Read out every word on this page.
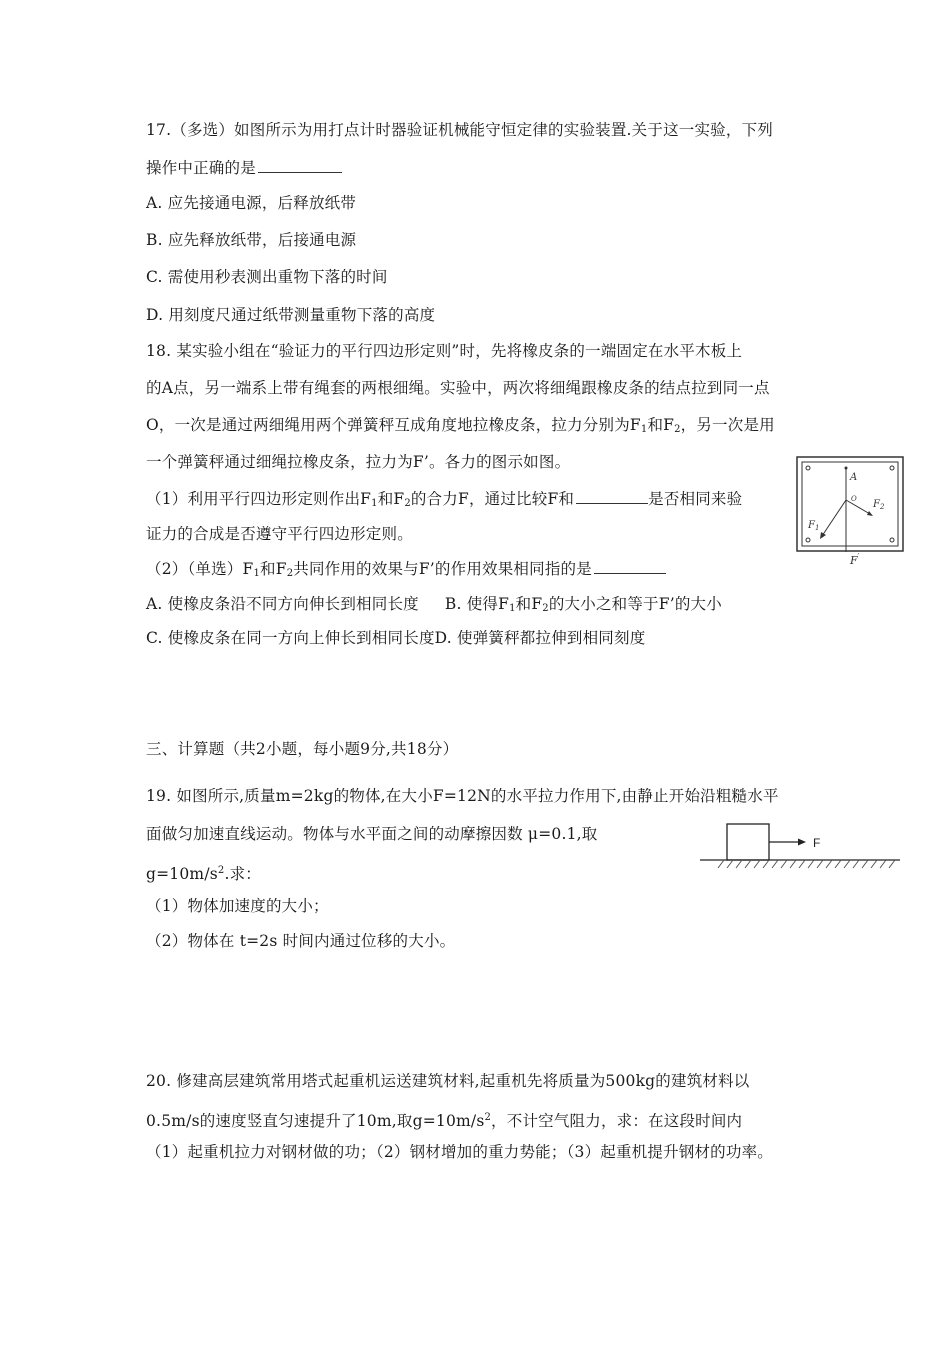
17.（多选）如图所示为用打点计时器验证机械能守恒定律的实验装置.关于这一实验，下列
操作中正确的是
A. 应先接通电源，后释放纸带
B. 应先释放纸带，后接通电源
C. 需使用秒表测出重物下落的时间
D. 用刻度尺通过纸带测量重物下落的高度
18. 某实验小组在“验证力的平行四边形定则”时，先将橡皮条的一端固定在水平木板上
的A点，另一端系上带有绳套的两根细绳。实验中，两次将细绳跟橡皮条的结点拉到同一点
O，一次是通过两细绳用两个弹簧秤互成角度地拉橡皮条，拉力分别为$F_1$和$F_2$，另一次是用
一个弹簧秤通过细绳拉橡皮条，拉力为F’。各力的图示如图。
（1）利用平行四边形定则作出$F_1$和$F_2$的合力F，通过比较F和	是否相同来验
证力的合成是否遵守平行四边形定则。
（2）（单选）$F_1$和$F_2$共同作用的效果与F’的作用效果相同指的是
A. 使橡皮条沿不同方向伸长到相同长度 B. 使得$F_1$和$F_2$的大小之和等于F’的大小
C. 使橡皮条在同一方向上伸长到相同长度D. 使弹簧秤都拉伸到相同刻度
A
O
$F_1$
$F_2$
F′
三、计算题（共2小题，每小题9分,共18分）
19. 如图所示,质量m=2kg的物体,在大小F=12N的水平拉力作用下,由静止开始沿粗糙水平
面做匀加速直线运动。物体与水平面之间的动摩擦因数 μ=0.1,取
$g=10m/s^2$.求：
（1）物体加速度的大小；
（2）物体在 t=2s 时间内通过位移的大小。
F
20. 修建高层建筑常用塔式起重机运送建筑材料,起重机先将质量为500kg的建筑材料以
0.5m/s的速度竖直匀速提升了10m,取$g=10m/s^2$，不计空气阻力，求：在这段时间内
（1）起重机拉力对钢材做的功；（2）钢材增加的重力势能；（3）起重机提升钢材的功率。
